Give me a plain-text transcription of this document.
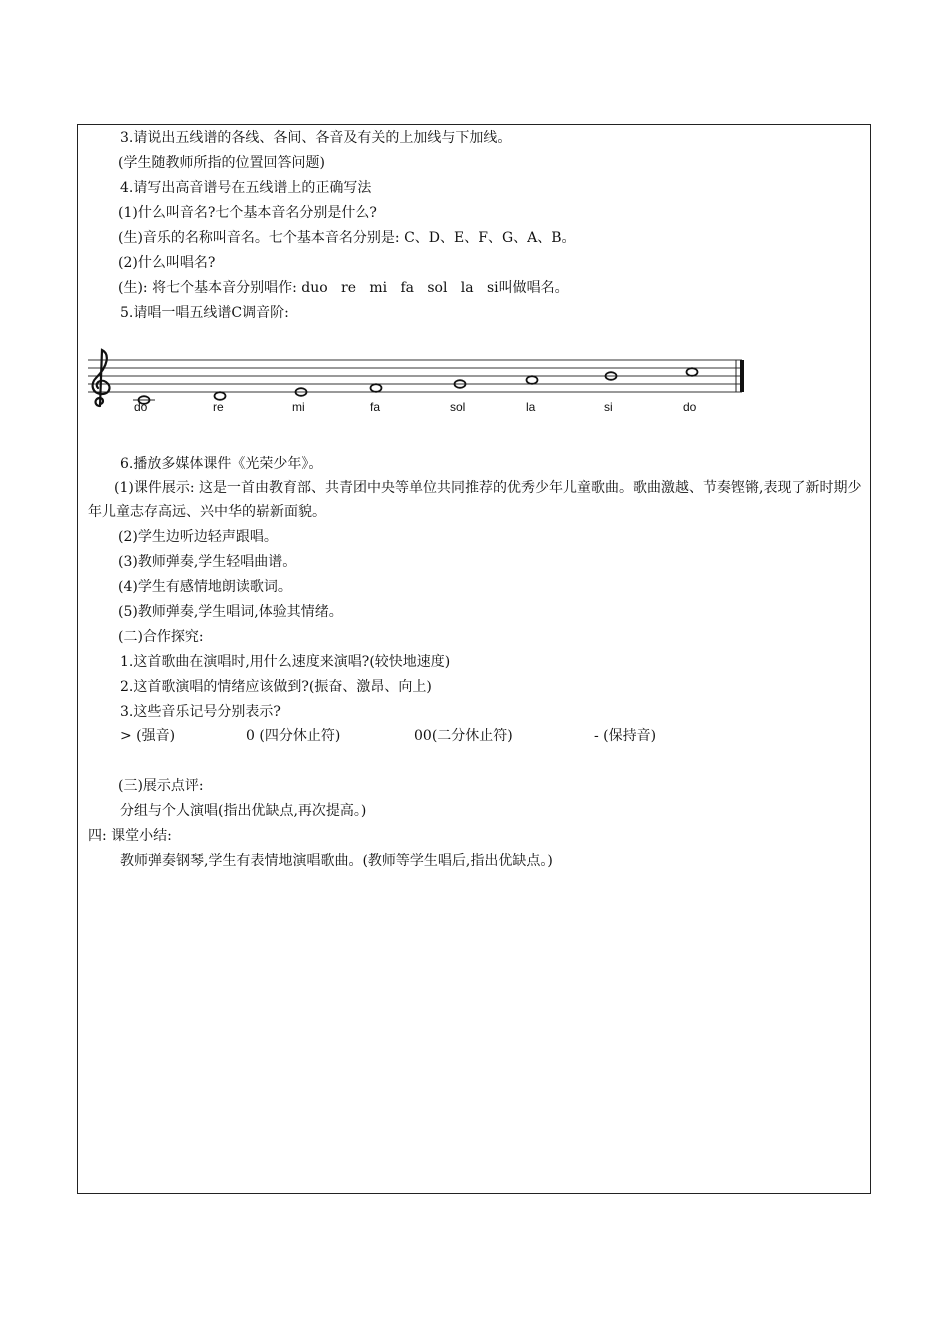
3.请说出五线谱的各线、各间、各音及有关的上加线与下加线。
(学生随教师所指的位置回答问题)
4.请写出高音谱号在五线谱上的正确写法
(1)什么叫音名?七个基本音名分别是什么?
(生)音乐的名称叫音名。七个基本音名分别是: C、D、E、F、G、A、B。
(2)什么叫唱名?
(生): 将七个基本音分别唱作: duo   re   mi   fa   sol   la   si叫做唱名。
5.请唱一唱五线谱C调音阶:
do	re	mi	fa	sol	la	si	do
6.播放多媒体课件《光荣少年》。
(1)课件展示: 这是一首由教育部、共青团中央等单位共同推荐的优秀少年儿童歌曲。歌曲激越、节奏铿锵,表现了新时期少年儿童志存高远、兴中华的崭新面貌。
(2)学生边听边轻声跟唱。
(3)教师弹奏,学生轻唱曲谱。
(4)学生有感情地朗读歌词。
(5)教师弹奏,学生唱词,体验其情绪。
(二)合作探究:
1.这首歌曲在演唱时,用什么速度来演唱?(较快地速度)
2.这首歌演唱的情绪应该做到?(振奋、激昂、向上)
3.这些音乐记号分别表示?
> (强音)	0 (四分休止符)	00(二分休止符)	- (保持音)
(三)展示点评:
分组与个人演唱(指出优缺点,再次提高。)
四: 课堂小结:
教师弹奏钢琴,学生有表情地演唱歌曲。(教师等学生唱后,指出优缺点。)
